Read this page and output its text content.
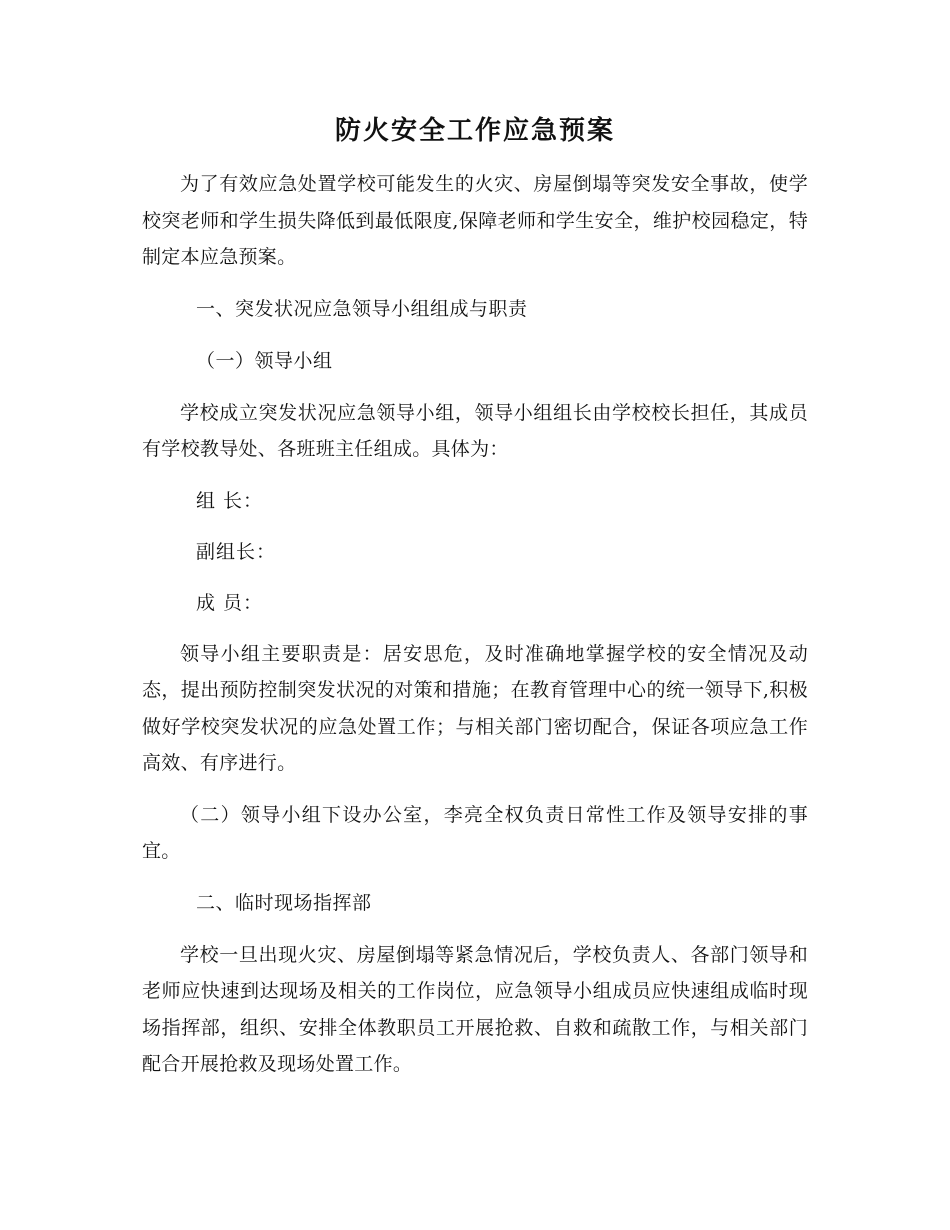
防火安全工作应急预案

为了有效应急处置学校可能发生的火灾、房屋倒塌等突发安全事故，使学校突老师和学生损失降低到最低限度,保障老师和学生安全，维护校园稳定，特制定本应急预案。

一、突发状况应急领导小组组成与职责

（一）领导小组

学校成立突发状况应急领导小组，领导小组组长由学校校长担任，其成员有学校教导处、各班班主任组成。具体为：

组 长：

副组长：

成 员：

领导小组主要职责是：居安思危，及时准确地掌握学校的安全情况及动态，提出预防控制突发状况的对策和措施；在教育管理中心的统一领导下,积极做好学校突发状况的应急处置工作；与相关部门密切配合，保证各项应急工作高效、有序进行。

（二）领导小组下设办公室，李亮全权负责日常性工作及领导安排的事宜。

二、临时现场指挥部

学校一旦出现火灾、房屋倒塌等紧急情况后，学校负责人、各部门领导和老师应快速到达现场及相关的工作岗位，应急领导小组成员应快速组成临时现场指挥部，组织、安排全体教职员工开展抢救、自救和疏散工作，与相关部门配合开展抢救及现场处置工作。
